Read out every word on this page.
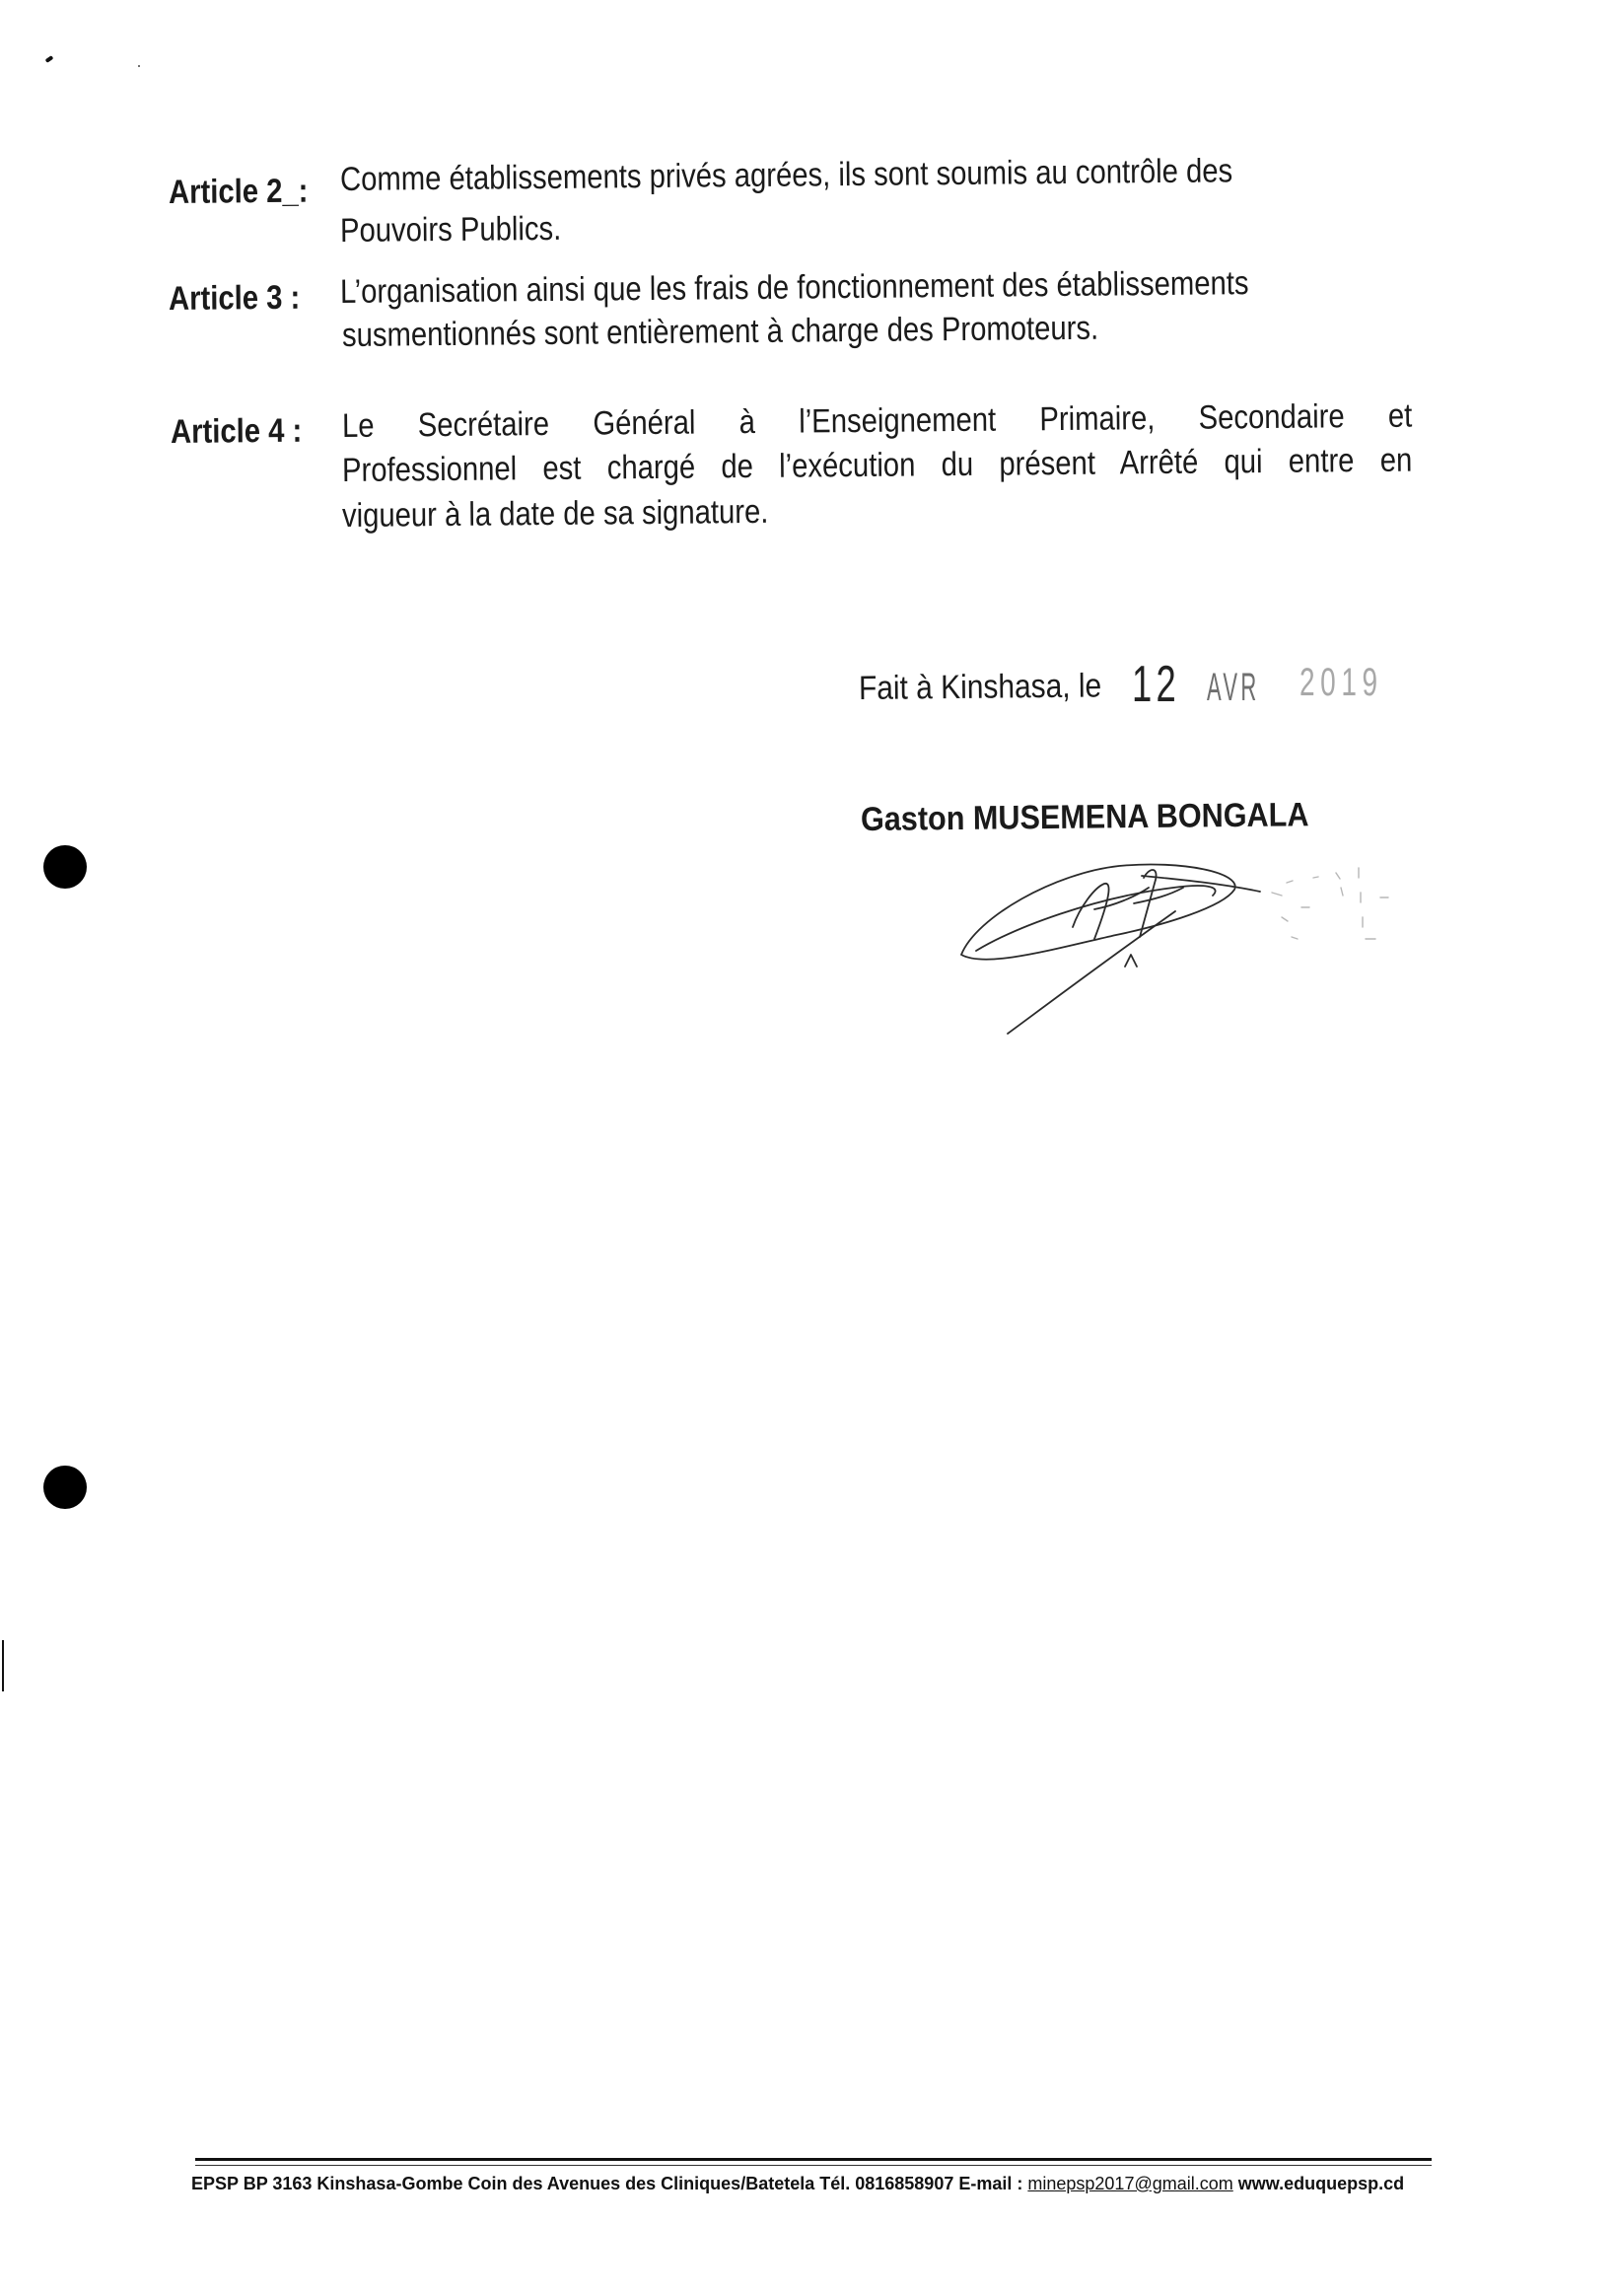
Article 2_: Comme établissements privés agrées, ils sont soumis au contrôle des
Pouvoirs Publics.
Article 3 : L’organisation ainsi que les frais de fonctionnement des établissements
susmentionnés sont entièrement à charge des Promoteurs.
Article 4 : Le Secrétaire Général à l’Enseignement Primaire, Secondaire et
Professionnel est chargé de l’exécution du présent Arrêté qui entre en
vigueur à la date de sa signature.
Fait à Kinshasa, le 12 AVR 2019
Gaston MUSEMENA BONGALA
EPSP BP 3163 Kinshasa-Gombe Coin des Avenues des Cliniques/Batetela Tél. 0816858907 E-mail : minepsp2017@gmail.com www.eduquepsp.cd
